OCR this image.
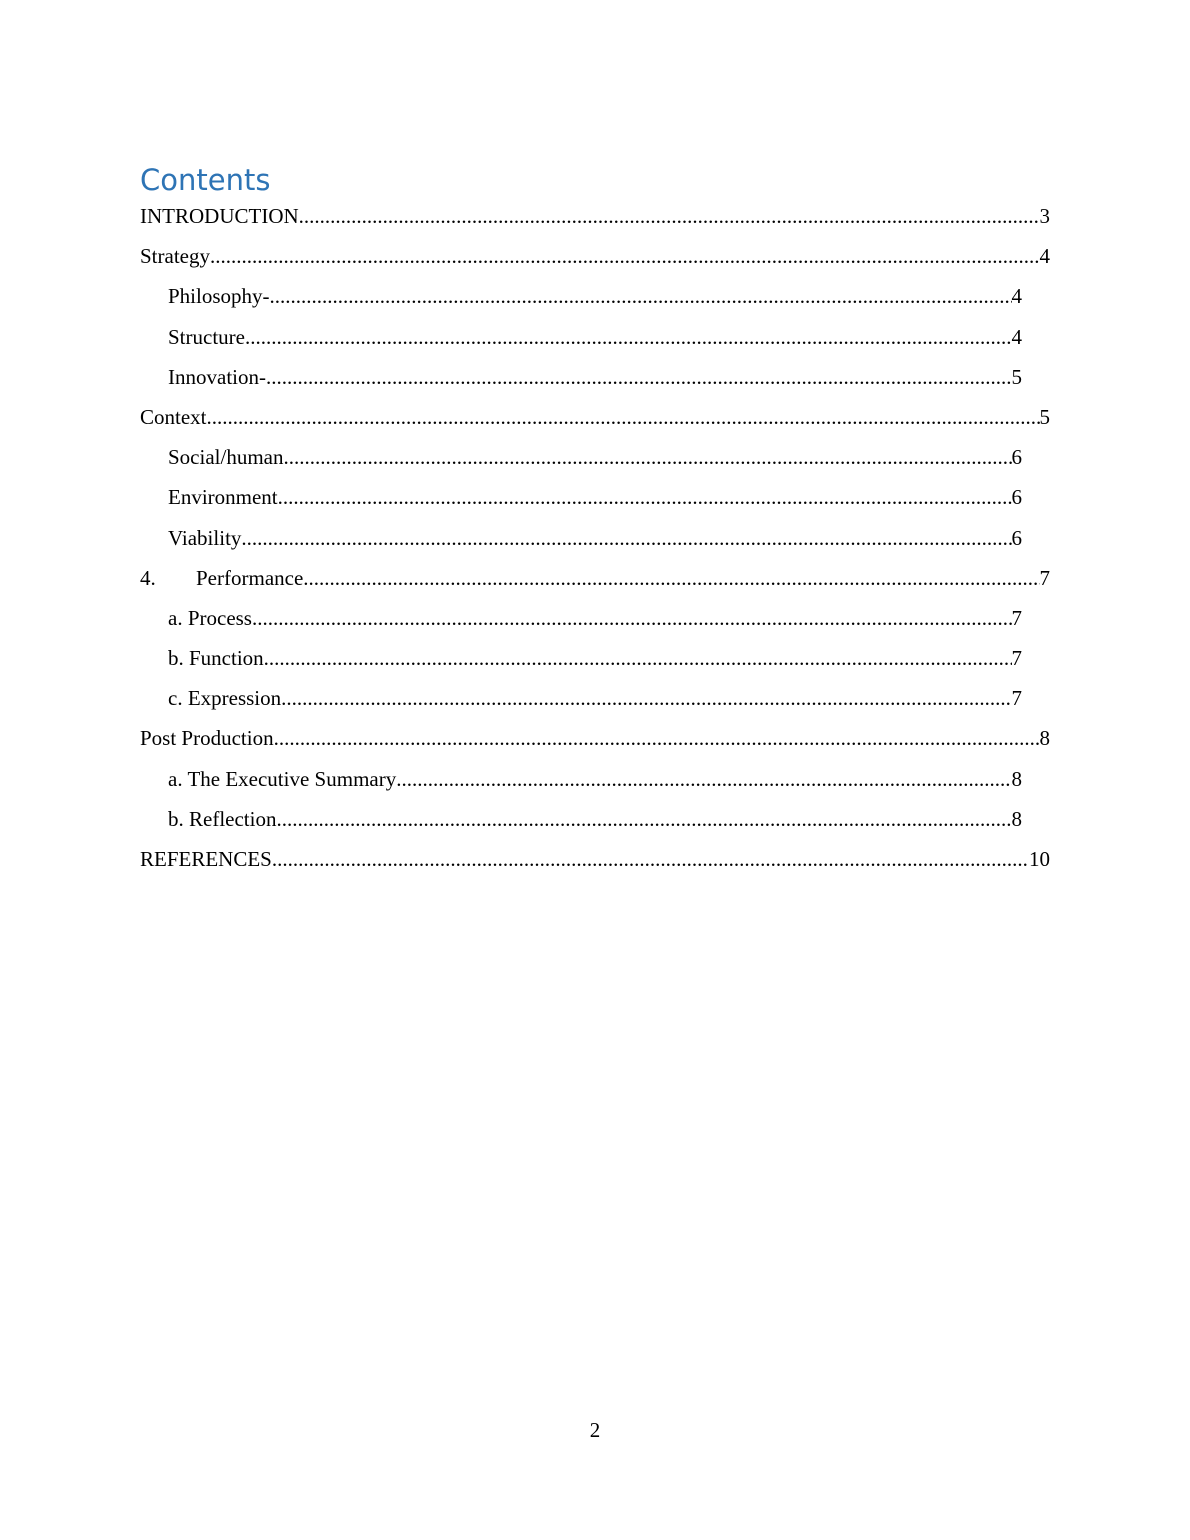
Contents
INTRODUCTION .....	3
Strategy .....	4
Philosophy- .....	4
Structure .....	4
Innovation- .....	5
Context .....	5
Social/human .....	6
Environment .....	6
Viability .....	6
4.	Performance .....	7
a. Process .....	7
b. Function .....	7
c. Expression .....	7
Post Production .....	8
a. The Executive Summary .....	8
b. Reflection .....	8
REFERENCES .....	10
2
